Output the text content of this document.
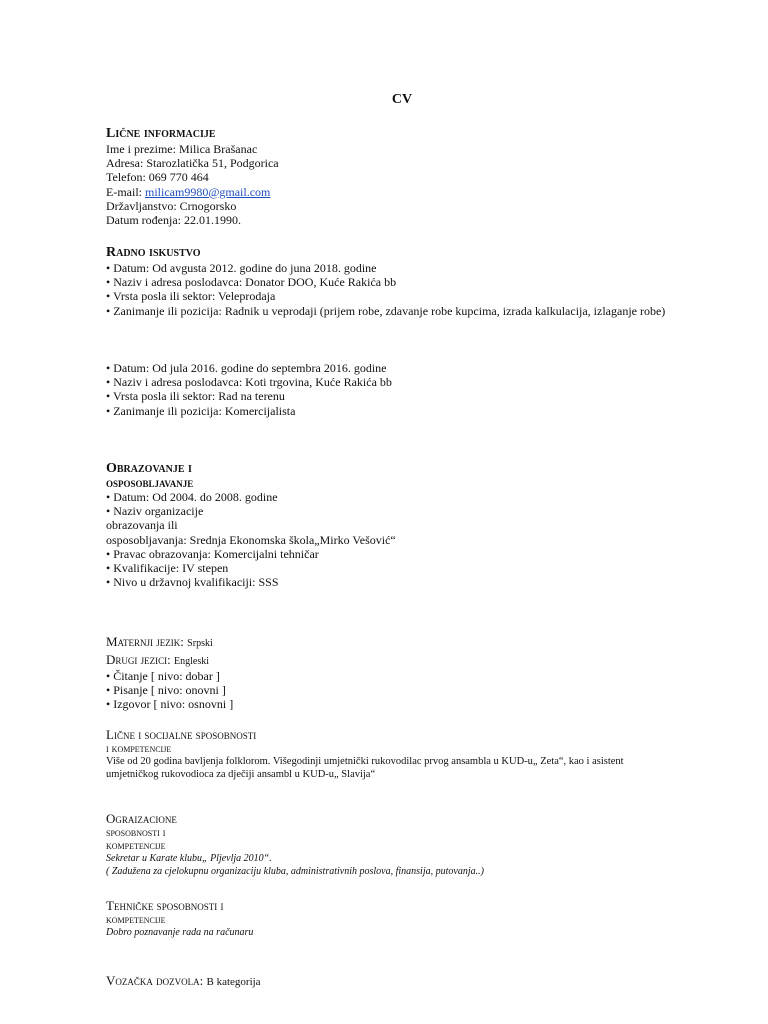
CV
Lične informacije
Ime i prezime: Milica Brašanac
Adresa: Starozlatička 51, Podgorica
Telefon: 069 770 464
E-mail: milicam9980@gmail.com
Državljanstvo: Crnogorsko
Datum rođenja: 22.01.1990.
Radno iskustvo
• Datum: Od avgusta 2012. godine do juna 2018. godine
• Naziv i adresa poslodavca: Donator DOO, Kuće Rakića bb
• Vrsta posla ili sektor: Veleprodaja
• Zanimanje ili pozicija: Radnik u veprodaji (prijem robe, zdavanje robe kupcima, izrada kalkulacija, izlaganje robe)
• Datum: Od jula 2016. godine do septembra 2016. godine
• Naziv i adresa poslodavca: Koti trgovina, Kuće Rakića bb
• Vrsta posla ili sektor: Rad na terenu
• Zanimanje ili pozicija: Komercijalista
Obrazovanje i
osposobljavanje
• Datum: Od 2004. do 2008. godine
• Naziv organizacije
obrazovanja ili
osposobljavanja: Srednja Ekonomska škola„Mirko Vešović“
• Pravac obrazovanja: Komercijalni tehničar
• Kvalifikacije: IV stepen
• Nivo u državnoj kvalifikaciji: SSS
Maternji jezik: Srpski
Drugi jezici: Engleski
• Čitanje [ nivo: dobar ]
• Pisanje [ nivo: onovni ]
• Izgovor [ nivo: osnovni ]
Lične i socijalne sposobnosti
i kompetencije
Više od 20 godina bavljenja folklorom. Višegodinji umjetnički rukovodilac prvog ansambla u KUD-u„ Zeta“, kao i asistent
umjetničkog rukovodioca za dječiji ansambl u KUD-u„ Slavija“
Ograizacione
sposobnosti i
kompetencije
Sekretar u Karate klubu„ Pljevlja 2010“.
( Zadužena za cjelokupnu organizaciju kluba, administrativnih poslova, finansija, putovanja..)
Tehničke sposobnosti i
kompetencije
Dobro poznavanje rada na računaru
Vozačka dozvola: B kategorija
